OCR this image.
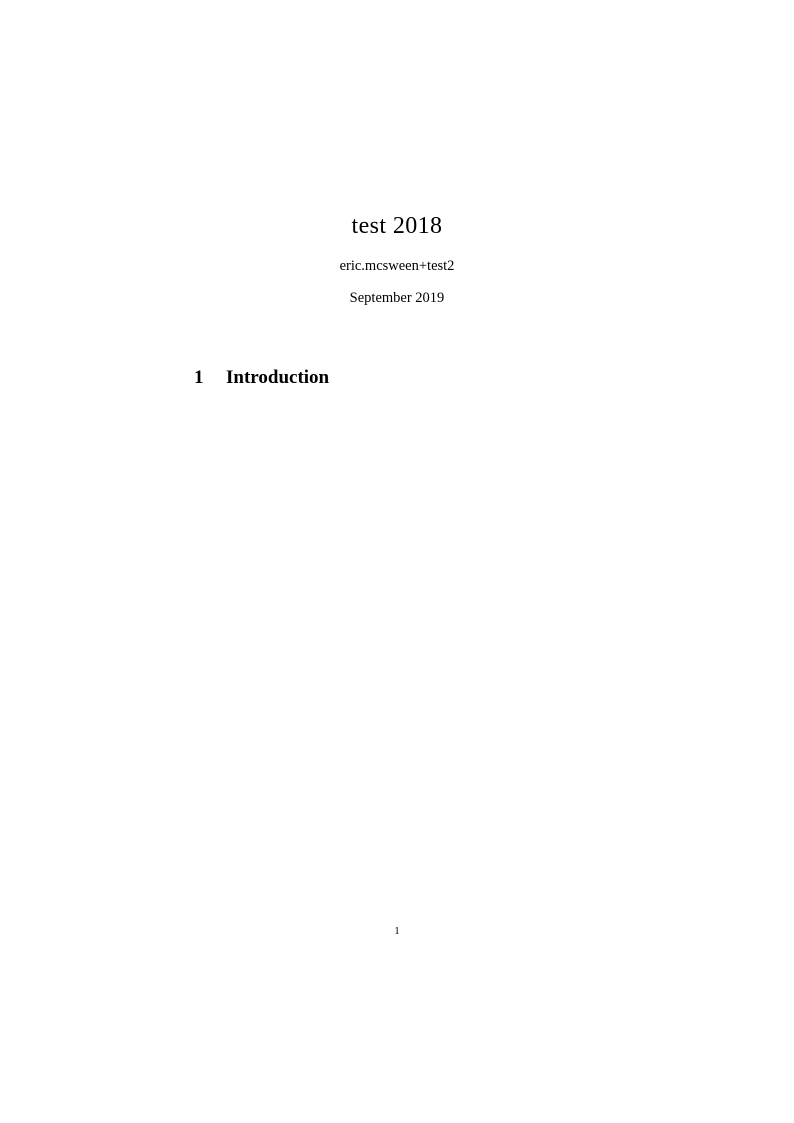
test 2018
eric.mcsween+test2
September 2019

1 Introduction

1
